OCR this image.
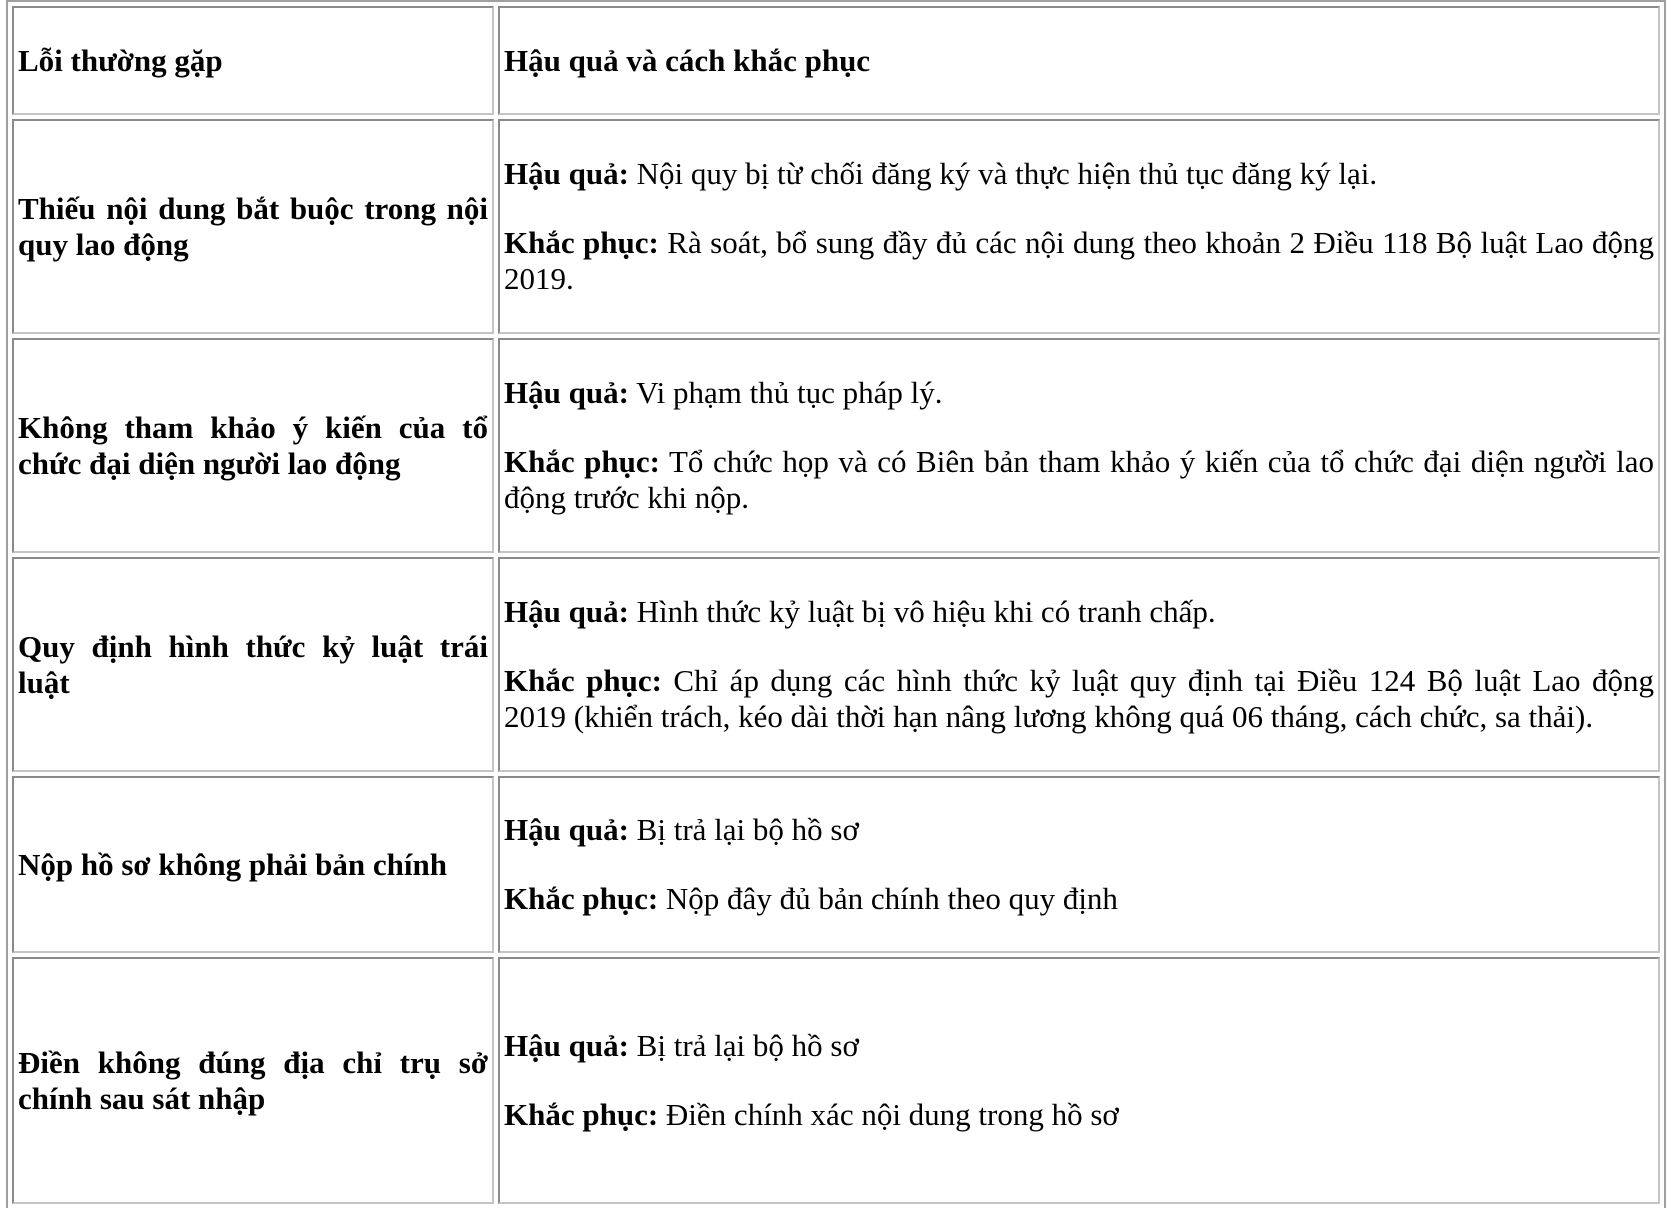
Lỗi thường gặp	Hậu quả và cách khắc phục
Thiếu nội dung bắt buộc trong nội quy lao động	Hậu quả: Nội quy bị từ chối đăng ký và thực hiện thủ tục đăng ký lại.

Khắc phục: Rà soát, bổ sung đầy đủ các nội dung theo khoản 2 Điều 118 Bộ luật Lao động 2019.

Không tham khảo ý kiến của tổ chức đại diện người lao động	Hậu quả: Vi phạm thủ tục pháp lý.

Khắc phục: Tổ chức họp và có Biên bản tham khảo ý kiến của tổ chức đại diện người lao động trước khi nộp.

Quy định hình thức kỷ luật trái luật	Hậu quả: Hình thức kỷ luật bị vô hiệu khi có tranh chấp.

Khắc phục: Chỉ áp dụng các hình thức kỷ luật quy định tại Điều 124 Bộ luật Lao động 2019 (khiển trách, kéo dài thời hạn nâng lương không quá 06 tháng, cách chức, sa thải).

Nộp hồ sơ không phải bản chính	Hậu quả: Bị trả lại bộ hồ sơ

Khắc phục: Nộp đây đủ bản chính theo quy định

Điền không đúng địa chỉ trụ sở chính sau sát nhập	Hậu quả: Bị trả lại bộ hồ sơ

Khắc phục: Điền chính xác nội dung trong hồ sơ
